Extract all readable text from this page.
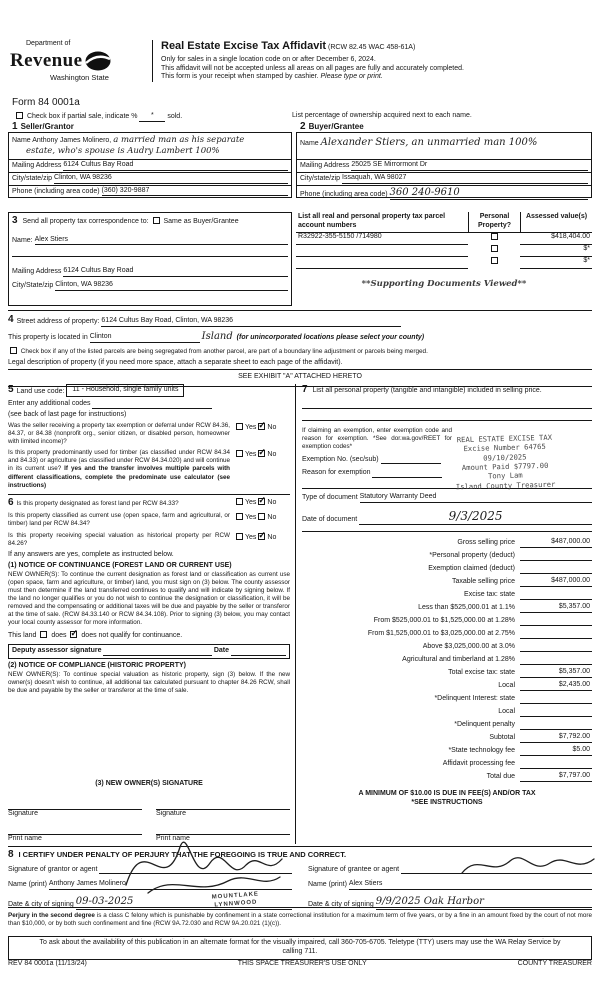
Department of
Revenue
Washington State
Real Estate Excise Tax Affidavit (RCW 82.45 WAC 458-61A)
Only for sales in a single location code on or after December 6, 2024.
This affidavit will not be accepted unless all areas on all pages are fully and accurately completed.
This form is your receipt when stamped by cashier. Please type or print.
Form 84 0001a
Check box if partial sale, indicate % * sold.	List percentage of ownership acquired next to each name.
1 Seller/Grantor	2 Buyer/Grantee
Name Anthony James Molinero, a married man as his separate
estate, who's spouse is Audry Lambert 100%
Mailing Address
6124 Cultus Bay Road
City/state/zip
Clinton, WA 98236
Phone (including area code)
(360) 320-9887
Name Alexander Stiers, an unmarried man 100%
Mailing Address
25025 SE Mirrormont Dr
City/state/zip
Issaquah, WA 98027
Phone (including area code)
360 240-9610
3 Send all property tax correspondence to: Same as Buyer/Grantee
Name:
Alex Stiers
Mailing Address
6124 Cultus Bay Road
City/State/zip
Clinton, WA 98236
List all real and personal property tax parcel account numbers
Personal Property?
Assessed value(s)
R32922-355-5150 /714980	$418,404.00
$*
$*
**Supporting Documents Viewed**
4 Street address of property:
6124 Cultus Bay Road, Clinton, WA 98236
This property is located in
Clinton
	Island
(for unincorporated locations please select your county)
Check box if any of the listed parcels are being segregated from another parcel, are part of a boundary line adjustment or parcels being merged.
Legal description of property (if you need more space, attach a separate sheet to each page of the affidavit).
SEE EXHIBIT "A" ATTACHED HERETO
5 Land use code:
	11 - Household, single family units
Enter any additional codes

(see back of last page for instructions)
Was the seller receiving a property tax exemption or deferral under RCW 84.36, 84.37, or 84.38 (nonprofit org., senior citizen, or disabled person, homeowner with limited income)?
Yes ✓ No
Is this property predominantly used for timber (as classified under RCW 84.34 and 84.33) or agriculture (as classified under RCW 84.34.020) and will continue in its current use? If yes and the transfer involves multiple parcels with different classifications, complete the predominate use calculator (see instructions)
Yes ✓ No
6 Is this property designated as forest land per RCW 84.33?	Yes ✓ No
Is this property classified as current use (open space, farm and agricultural, or timber) land per RCW 84.34?
Yes No
Is this property receiving special valuation as historical property per RCW 84.26?
Yes ✓ No
If any answers are yes, complete as instructed below.
(1) NOTICE OF CONTINUANCE (FOREST LAND OR CURRENT USE)
NEW OWNER(S): To continue the current designation as forest land or classification as current use (open space, farm and agriculture, or timber) land, you must sign on (3) below. The county assessor must then determine if the land transferred continues to qualify and will indicate by signing below. If the land no longer qualifies or you do not wish to continue the designation or classification, it will be removed and the compensating or additional taxes will be due and payable by the seller or transferor at the time of sale. (RCW 84.33.140 or RCW 84.34.108). Prior to signing (3) below, you may contact your local county assessor for more information.
This land does ✓ does not qualify for continuance.
Deputy assessor signature

	Date

(2) NOTICE OF COMPLIANCE (HISTORIC PROPERTY)
NEW OWNER(S): To continue special valuation as historic property, sign (3) below. If the new owner(s) doesn't wish to continue, all additional tax calculated pursuant to chapter 84.26 RCW, shall be due and payable by the seller or transferor at the time of sale.
(3) NEW OWNER(S) SIGNATURE
Signature	Signature
Print name	Print name
7 List all personal property (tangible and intangible) included in selling price.
If claiming an exemption, enter exemption code and reason for exemption. *See dor.wa.gov/REET for exemption codes*
Exemption No. (sec/sub)

Reason for exemption

REAL ESTATE EXCISE TAX
Excise Number 64765
09/10/2025
Amount Paid $7797.00
Tony Lam
Island County Treasurer
Type of document
Statutory Warranty Deed
Date of document
	9/3/2025
Gross selling price	$487,000.00
*Personal property (deduct)
Exemption claimed (deduct)
Taxable selling price	$487,000.00
Excise tax: state
Less than $525,000.01 at 1.1%	$5,357.00
From $525,000.01 to $1,525,000.00 at 1.28%
From $1,525,000.01 to $3,025,000.00 at 2.75%
Above $3,025,000.00 at 3.0%
Agricultural and timberland at 1.28%
Total excise tax: state	$5,357.00
Local	$2,435.00
*Delinquent Interest: state
Local
*Delinquent penalty
Subtotal	$7,792.00
*State technology fee	$5.00
Affidavit processing fee
Total due	$7,797.00
A MINIMUM OF $10.00 IS DUE IN FEE(S) AND/OR TAX
*SEE INSTRUCTIONS
8 I CERTIFY UNDER PENALTY OF PERJURY THAT THE FOREGOING IS TRUE AND CORRECT.
Signature of grantor or agent
	Signature of grantee or agent

Name (print)
Anthony James Molinero	Name (print)
Alex Stiers
Date & city of signing
09-03-2025	Date & city of signing
9/9/2025 Oak Harbor
MOUNTLAKE
LYNNWOOD
Perjury in the second degree is a class C felony which is punishable by confinement in a state correctional institution for a maximum term of five years, or by a fine in an amount fixed by the court of not more than $10,000, or by both such confinement and fine (RCW 9A.72.030 and RCW 9A.20.021 (1)(c)).
To ask about the availability of this publication in an alternate format for the visually impaired, call 360-705-6705. Teletype (TTY) users may use the WA Relay Service by calling 711.
REV 84 0001a (11/13/24)	THIS SPACE TREASURER'S USE ONLY	COUNTY TREASURER
